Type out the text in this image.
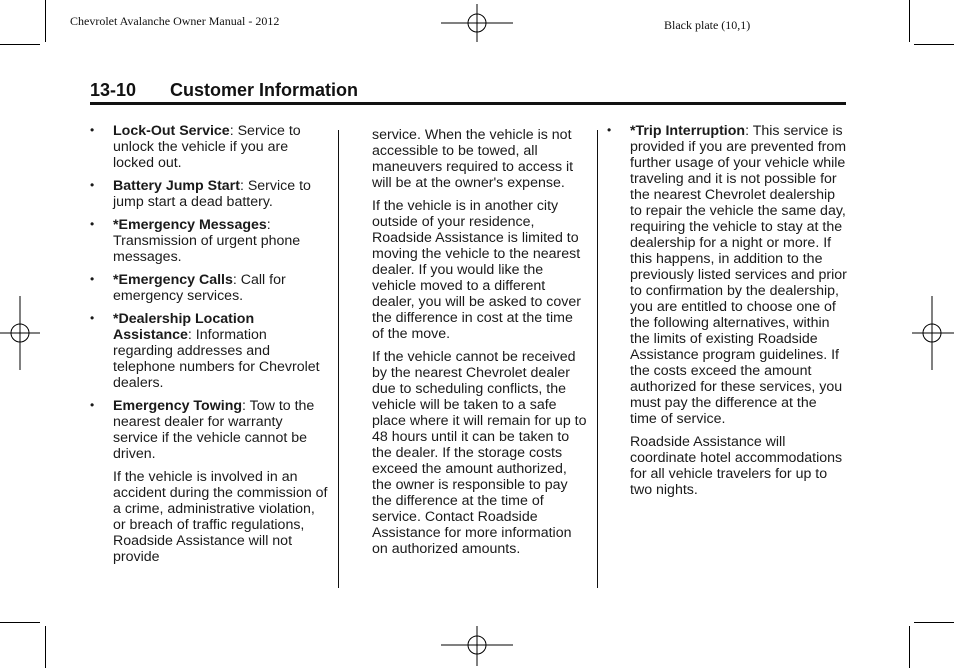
Chevrolet Avalanche Owner Manual - 2012	Black plate (10,1)
13-10 Customer Information
• Lock-Out Service: Service to unlock the vehicle if you are locked out.
• Battery Jump Start: Service to jump start a dead battery.
• *Emergency Messages: Transmission of urgent phone messages.
• *Emergency Calls: Call for emergency services.
• *Dealership Location Assistance: Information regarding addresses and telephone numbers for Chevrolet dealers.
• Emergency Towing: Tow to the nearest dealer for warranty service if the vehicle cannot be driven.

If the vehicle is involved in an accident during the commission of a crime, administrative violation, or breach of traffic regulations, Roadside Assistance will not provide

service. When the vehicle is not accessible to be towed, all maneuvers required to access it will be at the owner's expense.

If the vehicle is in another city outside of your residence, Roadside Assistance is limited to moving the vehicle to the nearest dealer. If you would like the vehicle moved to a different dealer, you will be asked to cover the difference in cost at the time of the move.

If the vehicle cannot be received by the nearest Chevrolet dealer due to scheduling conflicts, the vehicle will be taken to a safe place where it will remain for up to 48 hours until it can be taken to the dealer. If the storage costs exceed the amount authorized, the owner is responsible to pay the difference at the time of service. Contact Roadside Assistance for more information on authorized amounts.

• *Trip Interruption: This service is provided if you are prevented from further usage of your vehicle while traveling and it is not possible for the nearest Chevrolet dealership to repair the vehicle the same day, requiring the vehicle to stay at the dealership for a night or more. If this happens, in addition to the previously listed services and prior to confirmation by the dealership, you are entitled to choose one of the following alternatives, within the limits of existing Roadside Assistance program guidelines. If the costs exceed the amount authorized for these services, you must pay the difference at the time of service.

Roadside Assistance will coordinate hotel accommodations for all vehicle travelers for up to two nights.
